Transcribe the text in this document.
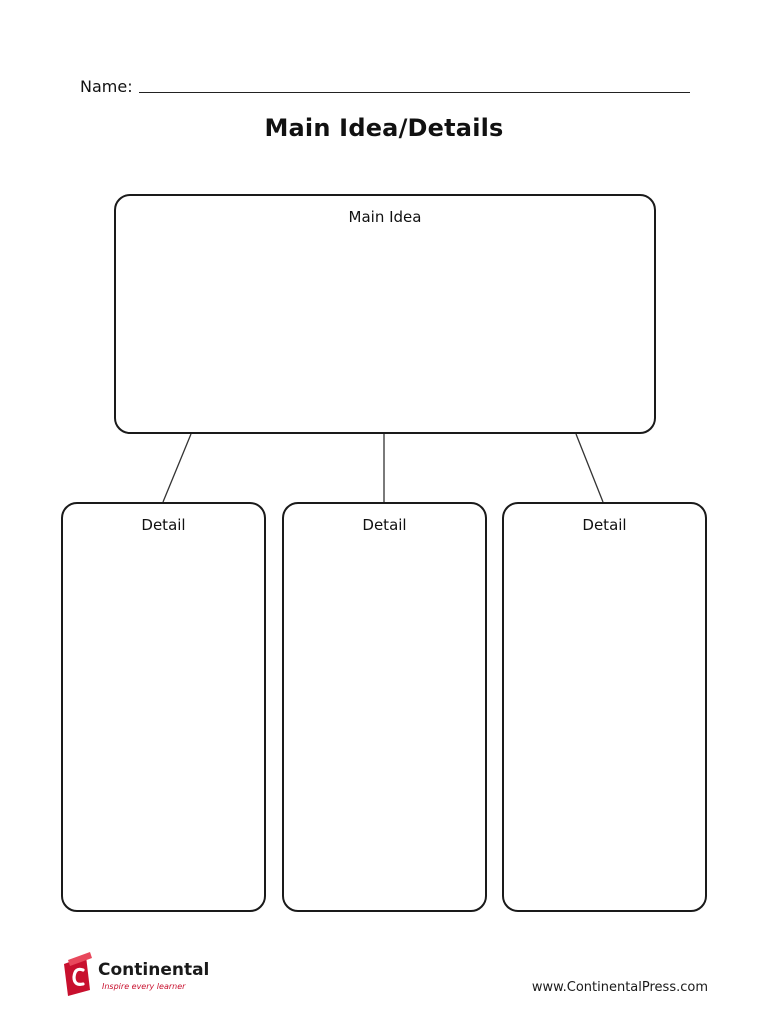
Name:
Main Idea/Details
Main Idea
Detail	Detail	Detail
Continental
Inspire every learner	www.ContinentalPress.com
